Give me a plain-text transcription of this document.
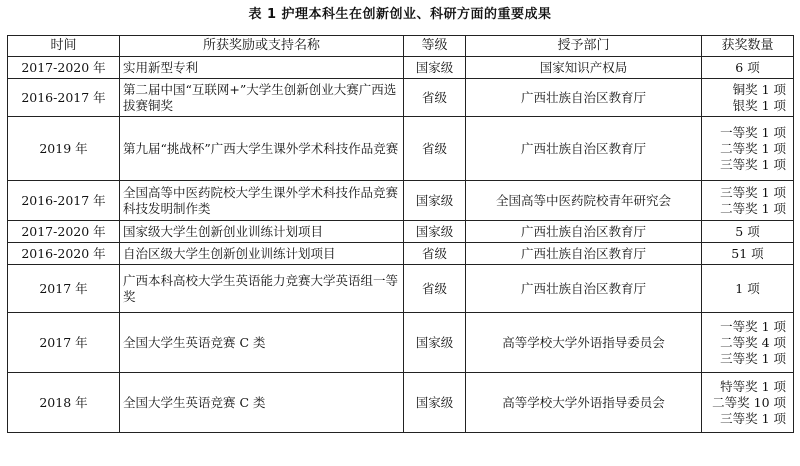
表 1 护理本科生在创新创业、科研方面的重要成果
时间	所获奖励或支持名称	等级	授予部门	获奖数量
2017-2020 年	实用新型专利	国家级	国家知识产权局	6 项

2016-2017 年	第二届中国“互联网+”大学生创新创业大赛广西选拔赛铜奖	省级	广西壮族自治区教育厅	铜奖 1 项
银奖 1 项

2019 年	第九届“挑战杯”广西大学生课外学术科技作品竞赛	省级	广西壮族自治区教育厅	一等奖 1 项
二等奖 1 项
三等奖 1 项

2016-2017 年	全国高等中医药院校大学生课外学术科技作品竞赛科技发明制作类	国家级	全国高等中医药院校青年研究会	三等奖 1 项
二等奖 1 项

2017-2020 年	国家级大学生创新创业训练计划项目	国家级	广西壮族自治区教育厅	5 项

2016-2020 年	自治区级大学生创新创业训练计划项目	省级	广西壮族自治区教育厅	51 项

2017 年	广西本科高校大学生英语能力竞赛大学英语组一等奖	省级	广西壮族自治区教育厅	1 项

2017 年	全国大学生英语竞赛 C 类	国家级	高等学校大学外语指导委员会	一等奖 1 项
二等奖 4 项
三等奖 1 项

2018 年	全国大学生英语竞赛 C 类	国家级	高等学校大学外语指导委员会	特等奖 1 项
二等奖 10 项
三等奖 1 项
